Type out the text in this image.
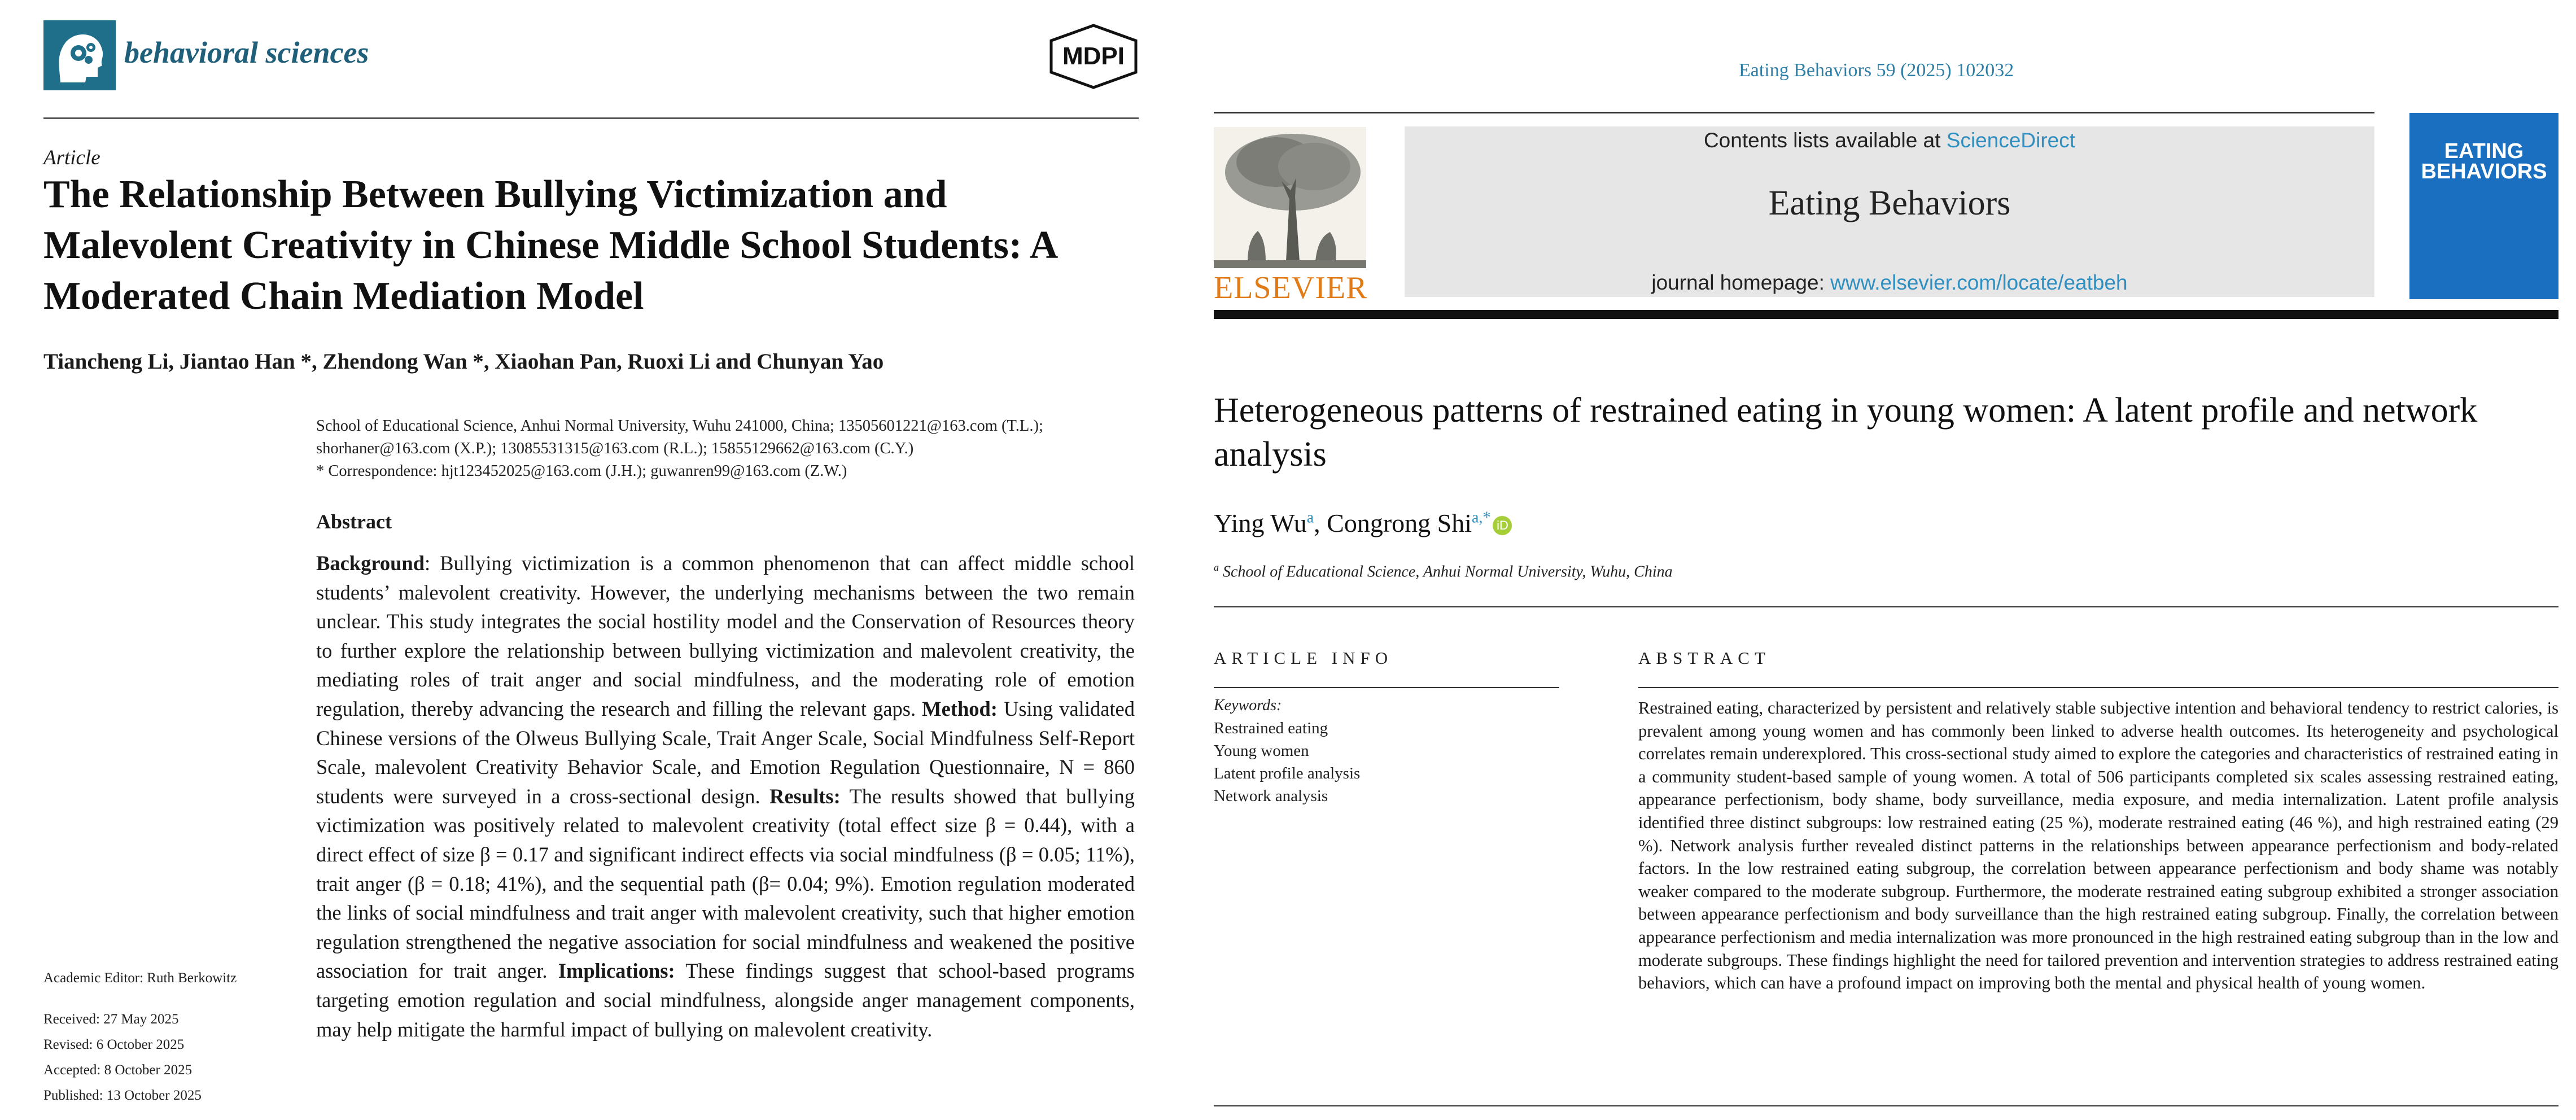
behavioral sciences	MDPI
Article
The Relationship Between Bullying Victimization and Malevolent Creativity in Chinese Middle School Students: A Moderated Chain Mediation Model
Tiancheng Li, Jiantao Han *, Zhendong Wan *, Xiaohan Pan, Ruoxi Li and Chunyan Yao
School of Educational Science, Anhui Normal University, Wuhu 241000, China; 13505601221@163.com (T.L.);
shorhaner@163.com (X.P.); 13085531315@163.com (R.L.); 15855129662@163.com (C.Y.)
* Correspondence: hjt123452025@163.com (J.H.); guwanren99@163.com (Z.W.)
Abstract
Background: Bullying victimization is a common phenomenon that can affect middle school students’ malevolent creativity. However, the underlying mechanisms between the two remain unclear. This study integrates the social hostility model and the Conservation of Resources theory to further explore the relationship between bullying victimization and malevolent creativity, the mediating roles of trait anger and social mindfulness, and the moderating role of emotion regulation, thereby advancing the research and filling the relevant gaps. Method: Using validated Chinese versions of the Olweus Bullying Scale, Trait Anger Scale, Social Mindfulness Self-Report Scale, malevolent Creativity Behavior Scale, and Emotion Regulation Questionnaire, N = 860 students were surveyed in a cross-sectional design. Results: The results showed that bullying victimization was positively related to malevolent creativity (total effect size β = 0.44), with a direct effect of size β = 0.17 and significant indirect effects via social mindfulness (β = 0.05; 11%), trait anger (β = 0.18; 41%), and the sequential path (β= 0.04; 9%). Emotion regulation moderated the links of social mindfulness and trait anger with malevolent creativity, such that higher emotion regulation strengthened the negative association for social mindfulness and weakened the positive association for trait anger. Implications: These findings suggest that school-based programs targeting emotion regulation and social mindfulness, alongside anger management components, may help mitigate the harmful impact of bullying on malevolent creativity.
Academic Editor: Ruth Berkowitz
Received: 27 May 2025
Revised: 6 October 2025
Accepted: 8 October 2025
Published: 13 October 2025
Eating Behaviors 59 (2025) 102032
ELSEVIER
Contents lists available at ScienceDirect
Eating Behaviors
journal homepage: www.elsevier.com/locate/eatbeh
EATING
BEHAVIORS
Heterogeneous patterns of restrained eating in young women: A latent profile and network analysis
Ying Wu$^a$, Congrong Shi$^{a,*}$ iD
$^a$ School of Educational Science, Anhui Normal University, Wuhu, China
ARTICLE INFO
Keywords:
Restrained eating
Young women
Latent profile analysis
Network analysis
ABSTRACT
Restrained eating, characterized by persistent and relatively stable subjective intention and behavioral tendency to restrict calories, is prevalent among young women and has commonly been linked to adverse health outcomes. Its heterogeneity and psychological correlates remain underexplored. This cross-sectional study aimed to explore the categories and characteristics of restrained eating in a community student-based sample of young women. A total of 506 participants completed six scales assessing restrained eating, appearance perfectionism, body shame, body surveillance, media exposure, and media internalization. Latent profile analysis identified three distinct subgroups: low restrained eating (25 %), moderate restrained eating (46 %), and high restrained eating (29 %). Network analysis further revealed distinct patterns in the relationships between appearance perfectionism and body-related factors. In the low restrained eating subgroup, the correlation between appearance perfectionism and body shame was notably weaker compared to the moderate subgroup. Furthermore, the moderate restrained eating subgroup exhibited a stronger association between appearance perfectionism and body surveillance than the high restrained eating subgroup. Finally, the correlation between appearance perfectionism and media internalization was more pronounced in the high restrained eating subgroup than in the low and moderate subgroups. These findings highlight the need for tailored prevention and intervention strategies to address restrained eating behaviors, which can have a profound impact on improving both the mental and physical health of young women.
